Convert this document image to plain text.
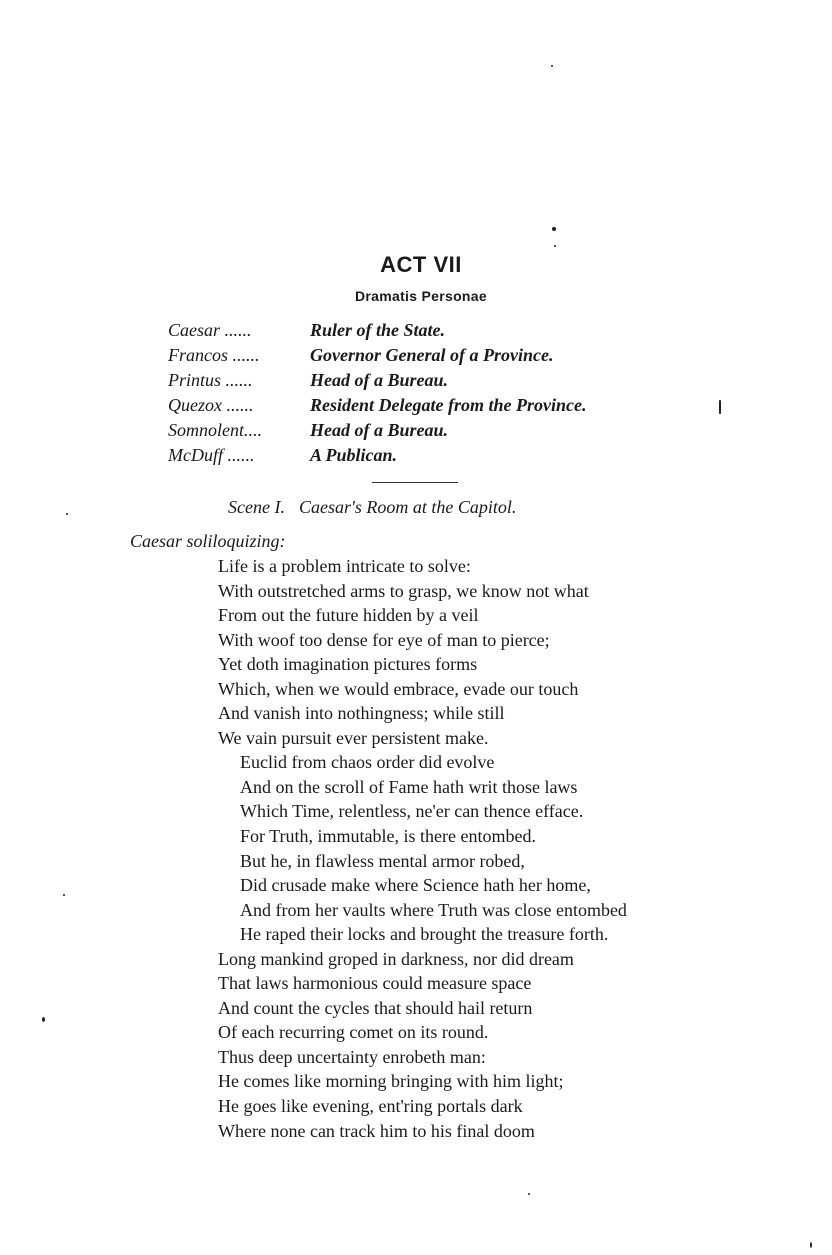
ACT VII
Dramatis Personae
Caesar ......	Ruler of the State.
Francos ......	Governor General of a Province.
Printus ......	Head of a Bureau.
Quezox ......	Resident Delegate from the Province.
Somnolent....	Head of a Bureau.
McDuff ......	A Publican.
Scene I. Caesar's Room at the Capitol.
Caesar soliloquizing:
Life is a problem intricate to solve:
With outstretched arms to grasp, we know not what
From out the future hidden by a veil
With woof too dense for eye of man to pierce;
Yet doth imagination pictures forms
Which, when we would embrace, evade our touch
And vanish into nothingness; while still
We vain pursuit ever persistent make.
Euclid from chaos order did evolve
And on the scroll of Fame hath writ those laws
Which Time, relentless, ne'er can thence efface.
For Truth, immutable, is there entombed.
But he, in flawless mental armor robed,
Did crusade make where Science hath her home,
And from her vaults where Truth was close entombed
He raped their locks and brought the treasure forth.
Long mankind groped in darkness, nor did dream
That laws harmonious could measure space
And count the cycles that should hail return
Of each recurring comet on its round.
Thus deep uncertainty enrobeth man:
He comes like morning bringing with him light;
He goes like evening, ent'ring portals dark
Where none can track him to his final doom
